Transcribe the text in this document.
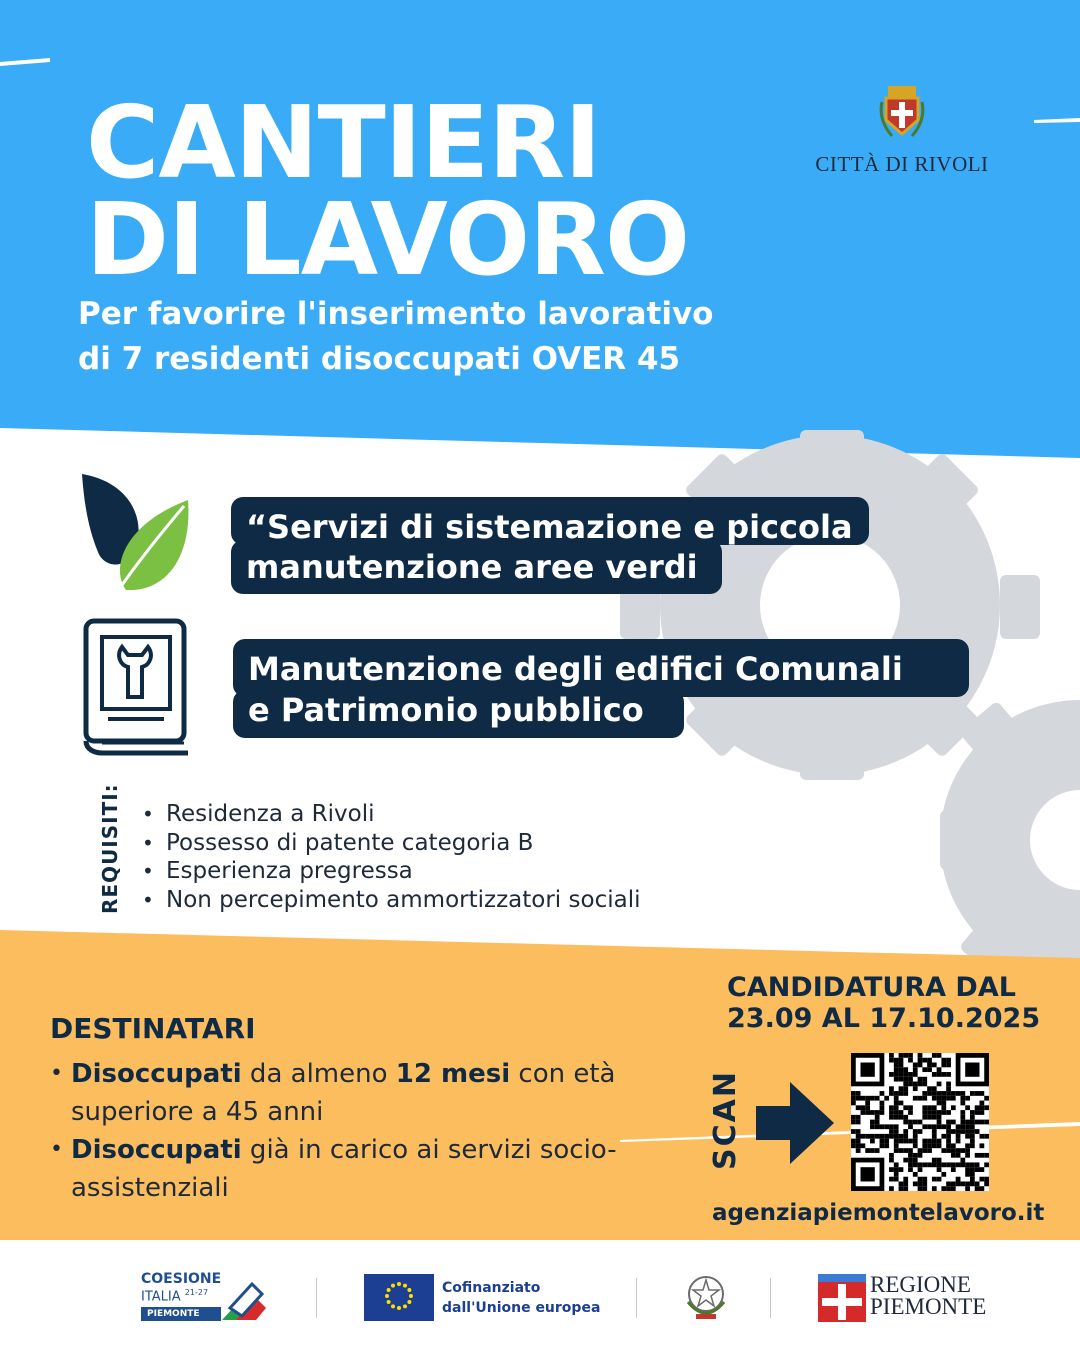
CANTIERI
DI LAVORO
Per favorire l'inserimento lavorativo
di 7 residenti disoccupati OVER 45
CITTÀ DI RIVOLI
“Servizi di sistemazione e piccola
manutenzione aree verdi
Manutenzione degli edifici Comunali
e Patrimonio pubblico
REQUISITI:
•	Residenza a Rivoli
• Possesso di patente categoria B
• Esperienza pregressa
• Non percepimento ammortizzatori sociali
DESTINATARI
• Disoccupati da almeno 12 mesi con età superiore a 45 anni
• Disoccupati già in carico ai servizi socio-assistenziali
CANDIDATURA DAL
23.09 AL 17.10.2025
SCAN
agenziapiemontelavoro.it
COESIONE
ITALIA $^{21-27}$
PIEMONTE
Cofinanziato
dall'Unione europea
REGIONE
PIEMONTE
